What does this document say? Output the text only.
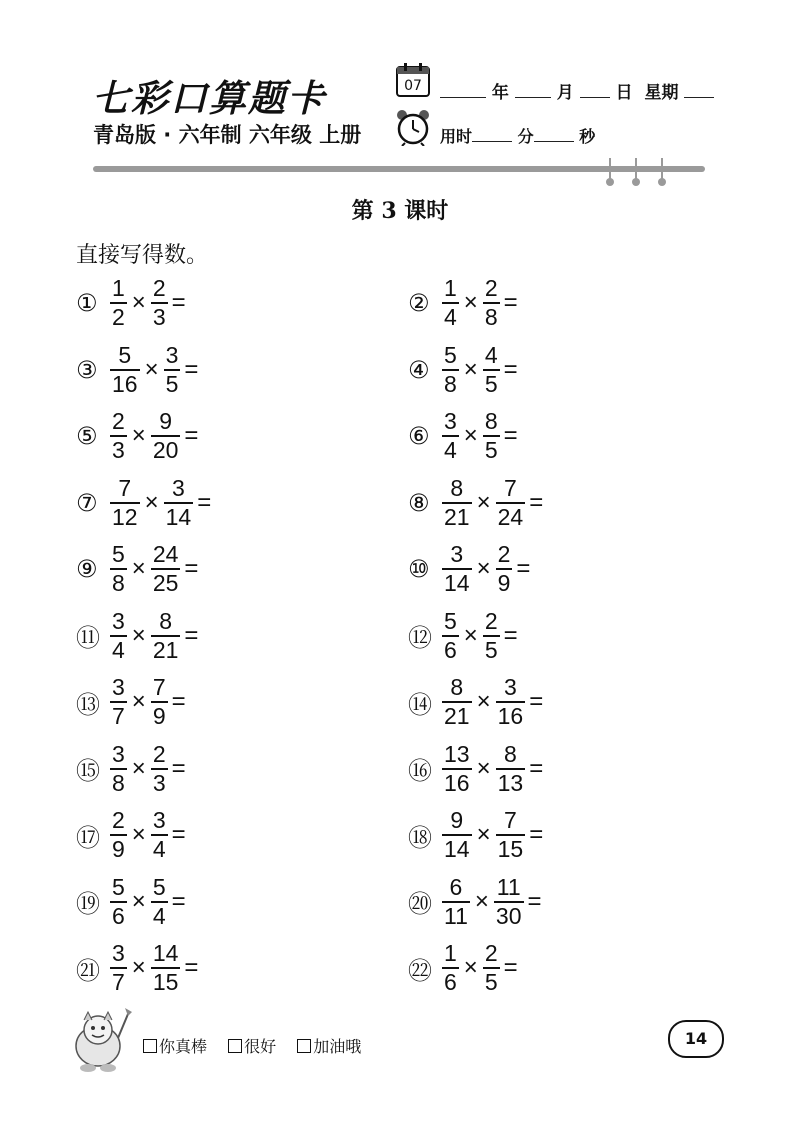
七彩口算题卡
青岛版 · 六年制 六年级 上册
07	年	月 日 星期
用时	分	秒
第 3 课时
直接写得数。
① $\frac{1}{2} \times \frac{2}{3}$ =	② $\frac{1}{4} \times \frac{2}{8}$ =
③ $\frac{5}{16} \times \frac{3}{5}$ =	④ $\frac{5}{8} \times \frac{4}{5}$ =
⑤ $\frac{2}{3} \times \frac{9}{20}$ =	⑥ $\frac{3}{4} \times \frac{8}{5}$ =
⑦ $\frac{7}{12} \times \frac{3}{14}$ =	⑧ $\frac{8}{21} \times \frac{7}{24}$ =
⑨ $\frac{5}{8} \times \frac{24}{25}$ =	⑩ $\frac{3}{14} \times \frac{2}{9}$ =
⑪ $\frac{3}{4} \times \frac{8}{21}$ =	⑫ $\frac{5}{6} \times \frac{2}{5}$ =
⑬ $\frac{3}{7} \times \frac{7}{9}$ =	⑭ $\frac{8}{21} \times \frac{3}{16}$ =
⑮ $\frac{3}{8} \times \frac{2}{3}$ =	⑯ $\frac{13}{16} \times \frac{8}{13}$ =
⑰ $\frac{2}{9} \times \frac{3}{4}$ =	⑱ $\frac{9}{14} \times \frac{7}{15}$ =
⑲ $\frac{5}{6} \times \frac{5}{4}$ =	⑳ $\frac{6}{11} \times \frac{11}{30}$ =
㉑ $\frac{3}{7} \times \frac{14}{15}$ =	㉒ $\frac{1}{6} \times \frac{2}{5}$ =
你真棒 很好 加油哦	14
